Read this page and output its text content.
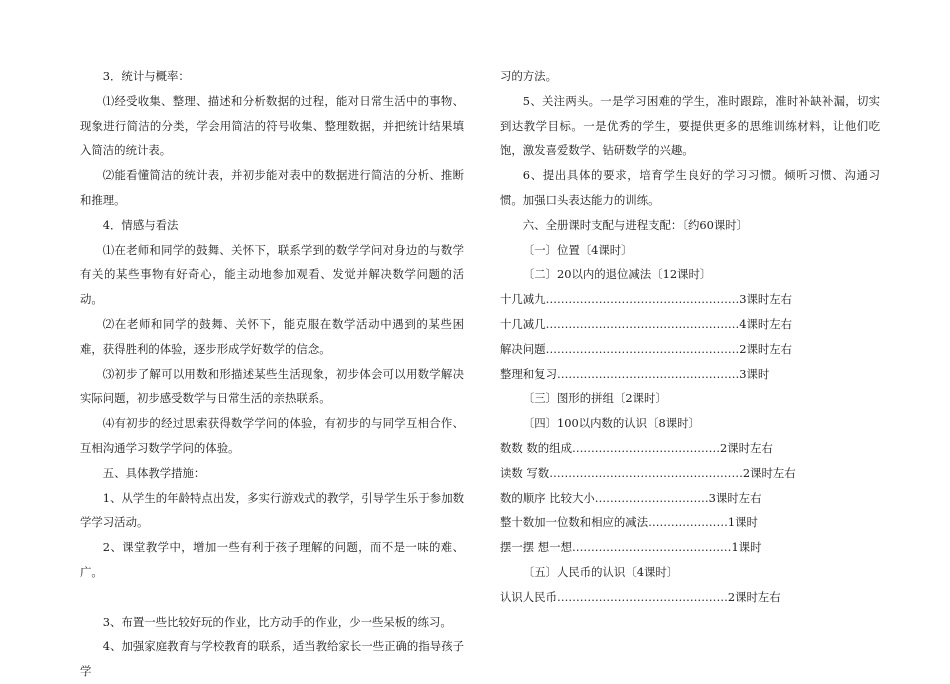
3．统计与概率：

⑴经受收集、整理、描述和分析数据的过程，能对日常生活中的事物、现象进行简洁的分类，学会用简洁的符号收集、整理数据，并把统计结果填入简洁的统计表。

⑵能看懂简洁的统计表，并初步能对表中的数据进行简洁的分析、推断和推理。

4．情感与看法

⑴在老师和同学的鼓舞、关怀下，联系学到的数学学问对身边的与数学有关的某些事物有好奇心，能主动地参加观看、发觉并解决数学问题的活动。

⑵在老师和同学的鼓舞、关怀下，能克服在数学活动中遇到的某些困难，获得胜利的体验，逐步形成学好数学的信念。

⑶初步了解可以用数和形描述某些生活现象，初步体会可以用数学解决实际问题，初步感受数学与日常生活的亲热联系。

⑷有初步的经过思索获得数学学问的体验，有初步的与同学互相合作、互相沟通学习数学学问的体验。

五、具体教学措施：

1、从学生的年龄特点出发，多实行游戏式的教学，引导学生乐于参加数学学习活动。

2、课堂教学中，增加一些有利于孩子理解的问题，而不是一味的难、广。

3、布置一些比较好玩的作业，比方动手的作业，少一些呆板的练习。

4、加强家庭教育与学校教育的联系，适当教给家长一些正确的指导孩子学

习的方法。

5、关注两头。一是学习困难的学生，准时跟踪，准时补缺补漏，切实到达教学目标。一是优秀的学生，要提供更多的思维训练材料，让他们吃饱，激发喜爱数学、钻研数学的兴趣。

6、提出具体的要求，培育学生良好的学习习惯。倾听习惯、沟通习惯。加强口头表达能力的训练。

六、全册课时支配与进程支配：〔约60课时〕

〔一〕位置〔4课时〕

〔二〕20以内的退位减法〔12课时〕

十几减九……………………………………………3课时左右

十几减几……………………………………………4课时左右

解决问题……………………………………………2课时左右

整理和复习…………………………………………3课时

〔三〕图形的拼组〔2课时〕

〔四〕100以内数的认识〔8课时〕

数数 数的组成…………………………………2课时左右

读数 写数……………………………………………2课时左右

数的顺序 比较大小…………………………3课时左右

整十数加一位数和相应的减法…………………1课时

摆一摆 想一想……………………………………1课时

〔五〕人民币的认识〔4课时〕

认识人民币………………………………………2课时左右
